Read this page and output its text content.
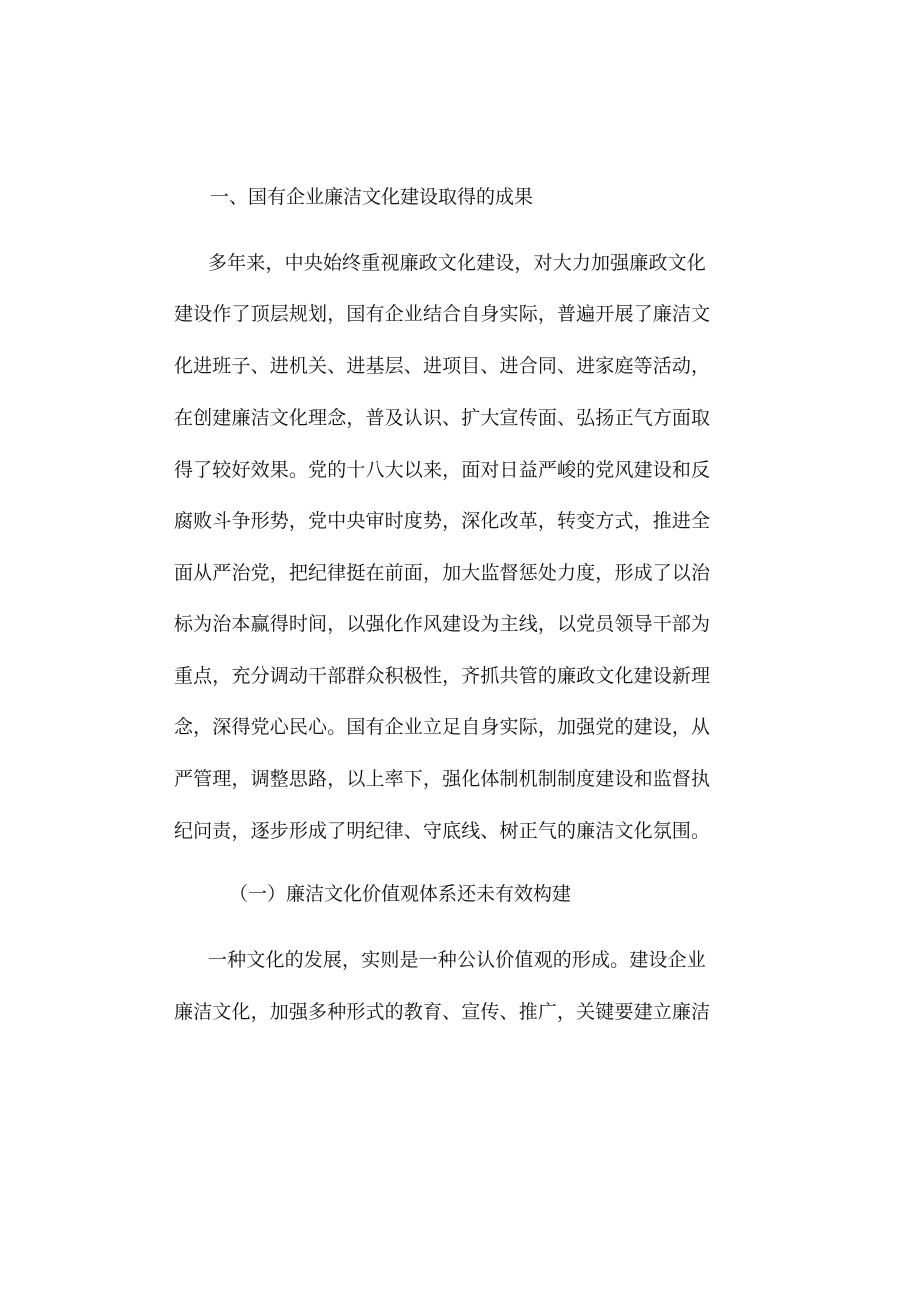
一、国有企业廉洁文化建设取得的成果
多年来，中央始终重视廉政文化建设，对大力加强廉政文化
建设作了顶层规划，国有企业结合自身实际，普遍开展了廉洁文
化进班子、进机关、进基层、进项目、进合同、进家庭等活动，
在创建廉洁文化理念，普及认识、扩大宣传面、弘扬正气方面取
得了较好效果。党的十八大以来，面对日益严峻的党风建设和反
腐败斗争形势，党中央审时度势，深化改革，转变方式，推进全
面从严治党，把纪律挺在前面，加大监督惩处力度，形成了以治
标为治本赢得时间，以强化作风建设为主线，以党员领导干部为
重点，充分调动干部群众积极性，齐抓共管的廉政文化建设新理
念，深得党心民心。国有企业立足自身实际，加强党的建设，从
严管理，调整思路，以上率下，强化体制机制制度建设和监督执
纪问责，逐步形成了明纪律、守底线、树正气的廉洁文化氛围。
（一）廉洁文化价值观体系还未有效构建
一种文化的发展，实则是一种公认价值观的形成。建设企业
廉洁文化，加强多种形式的教育、宣传、推广，关键要建立廉洁
